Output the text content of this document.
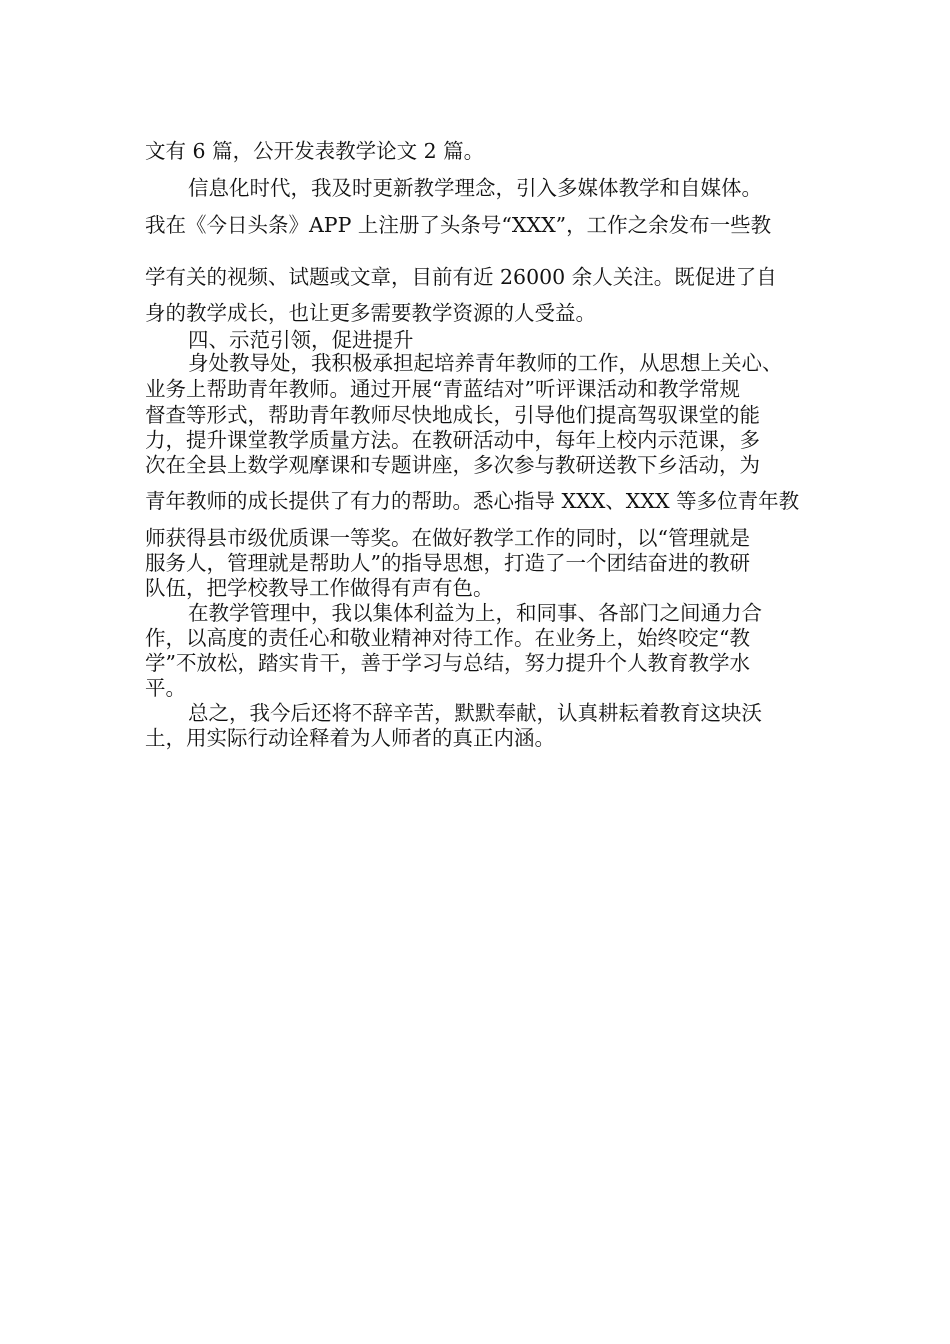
文有 6 篇，公开发表教学论文 2 篇。
信息化时代，我及时更新教学理念，引入多媒体教学和自媒体。
我在《今日头条》APP 上注册了头条号“XXX”，工作之余发布一些教
学有关的视频、试题或文章，目前有近 26000 余人关注。既促进了自
身的教学成长，也让更多需要教学资源的人受益。
四、示范引领，促进提升
身处教导处，我积极承担起培养青年教师的工作，从思想上关心、
业务上帮助青年教师。通过开展“青蓝结对”听评课活动和教学常规
督查等形式，帮助青年教师尽快地成长，引导他们提高驾驭课堂的能
力，提升课堂教学质量方法。在教研活动中，每年上校内示范课，多
次在全县上数学观摩课和专题讲座，多次参与教研送教下乡活动，为
青年教师的成长提供了有力的帮助。悉心指导 XXX、XXX 等多位青年教
师获得县市级优质课一等奖。在做好教学工作的同时，以“管理就是
服务人，管理就是帮助人”的指导思想，打造了一个团结奋进的教研
队伍，把学校教导工作做得有声有色。
在教学管理中，我以集体利益为上，和同事、各部门之间通力合
作，以高度的责任心和敬业精神对待工作。在业务上，始终咬定“教
学”不放松，踏实肯干，善于学习与总结，努力提升个人教育教学水
平。
总之，我今后还将不辞辛苦，默默奉献，认真耕耘着教育这块沃
土，用实际行动诠释着为人师者的真正内涵。
